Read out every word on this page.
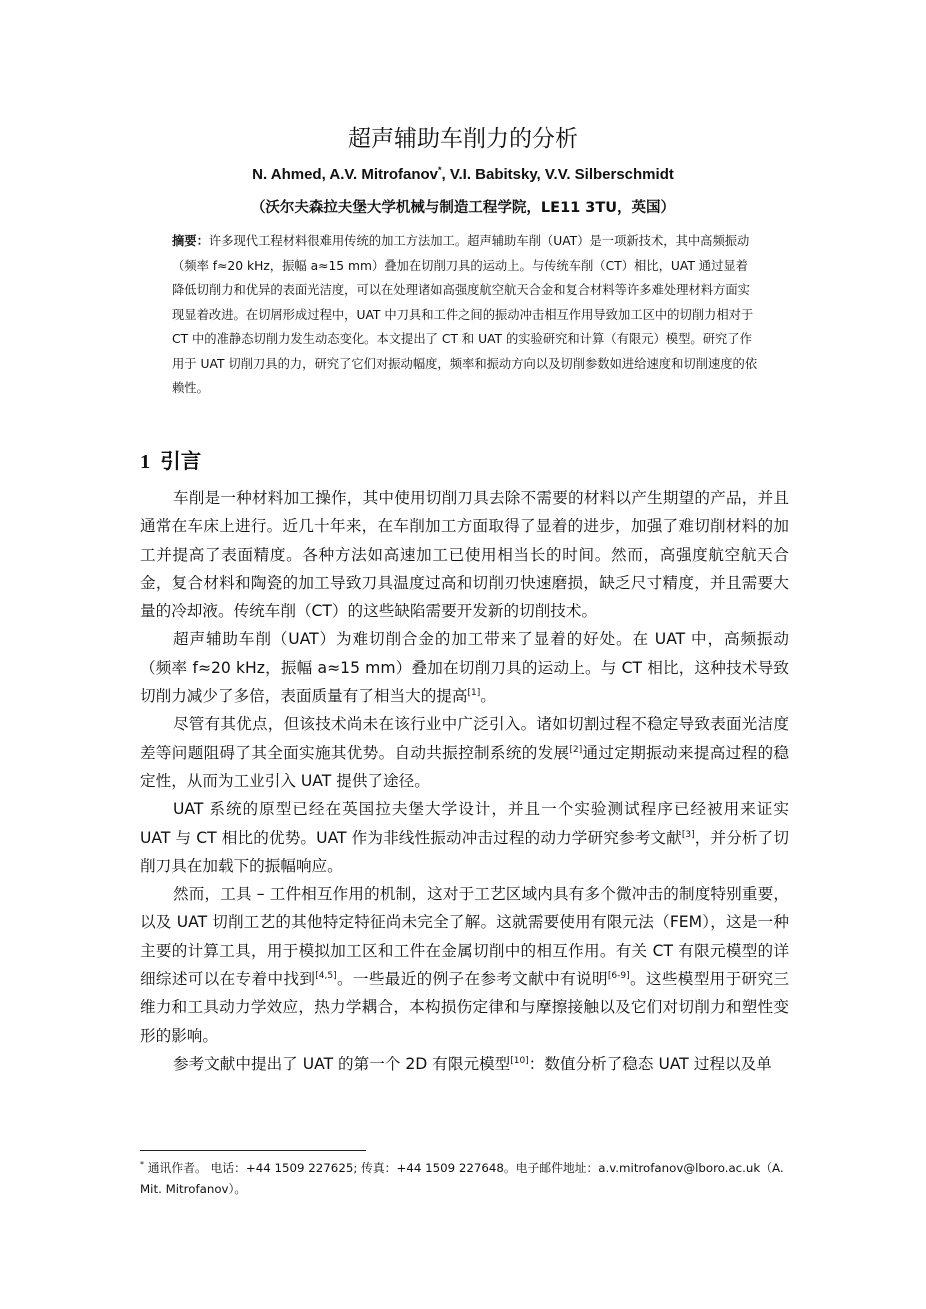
超声辅助车削力的分析
N. Ahmed, A.V. Mitrofanov*, V.I. Babitsky, V.V. Silberschmidt
（沃尔夫森拉夫堡大学机械与制造工程学院，LE11 3TU，英国）
摘要：许多现代工程材料很难用传统的加工方法加工。超声辅助车削（UAT）是一项新技术，其中高频振动（频率 f≈20 kHz，振幅 a≈15 mm）叠加在切削刀具的运动上。与传统车削（CT）相比，UAT 通过显着降低切削力和优异的表面光洁度，可以在处理诸如高强度航空航天合金和复合材料等许多难处理材料方面实现显着改进。在切屑形成过程中，UAT 中刀具和工件之间的振动冲击相互作用导致加工区中的切削力相对于 CT 中的准静态切削力发生动态变化。本文提出了 CT 和 UAT 的实验研究和计算（有限元）模型。研究了作用于 UAT 切削刀具的力，研究了它们对振动幅度，频率和振动方向以及切削参数如进给速度和切削速度的依赖性。
1 引言

车削是一种材料加工操作，其中使用切削刀具去除不需要的材料以产生期望的产品，并且通常在车床上进行。近几十年来，在车削加工方面取得了显着的进步，加强了难切削材料的加工并提高了表面精度。各种方法如高速加工已使用相当长的时间。然而，高强度航空航天合金，复合材料和陶瓷的加工导致刀具温度过高和切削刃快速磨损，缺乏尺寸精度，并且需要大量的冷却液。传统车削（CT）的这些缺陷需要开发新的切削技术。

超声辅助车削（UAT）为难切削合金的加工带来了显着的好处。在 UAT 中，高频振动（频率 f≈20 kHz，振幅 a≈15 mm）叠加在切削刀具的运动上。与 CT 相比，这种技术导致切削力减少了多倍，表面质量有了相当大的提高[1]。

尽管有其优点，但该技术尚未在该行业中广泛引入。诸如切割过程不稳定导致表面光洁度差等问题阻碍了其全面实施其优势。自动共振控制系统的发展[2]通过定期振动来提高过程的稳定性，从而为工业引入 UAT 提供了途径。

UAT 系统的原型已经在英国拉夫堡大学设计，并且一个实验测试程序已经被用来证实 UAT 与 CT 相比的优势。UAT 作为非线性振动冲击过程的动力学研究参考文献[3]，并分析了切削刀具在加载下的振幅响应。

然而，工具 – 工件相互作用的机制，这对于工艺区域内具有多个微冲击的制度特别重要，以及 UAT 切削工艺的其他特定特征尚未完全了解。这就需要使用有限元法（FEM），这是一种主要的计算工具，用于模拟加工区和工件在金属切削中的相互作用。有关 CT 有限元模型的详细综述可以在专着中找到[4,5]。一些最近的例子在参考文献中有说明[6-9]。这些模型用于研究三维力和工具动力学效应，热力学耦合，本构损伤定律和与摩擦接触以及它们对切削力和塑性变形的影响。

参考文献中提出了 UAT 的第一个 2D 有限元模型[10]：数值分析了稳态 UAT 过程以及单

* 通讯作者。 电话：+44 1509 227625; 传真：+44 1509 227648。电子邮件地址：a.v.mitrofanov@lboro.ac.uk（A. Mit. Mitrofanov）。
